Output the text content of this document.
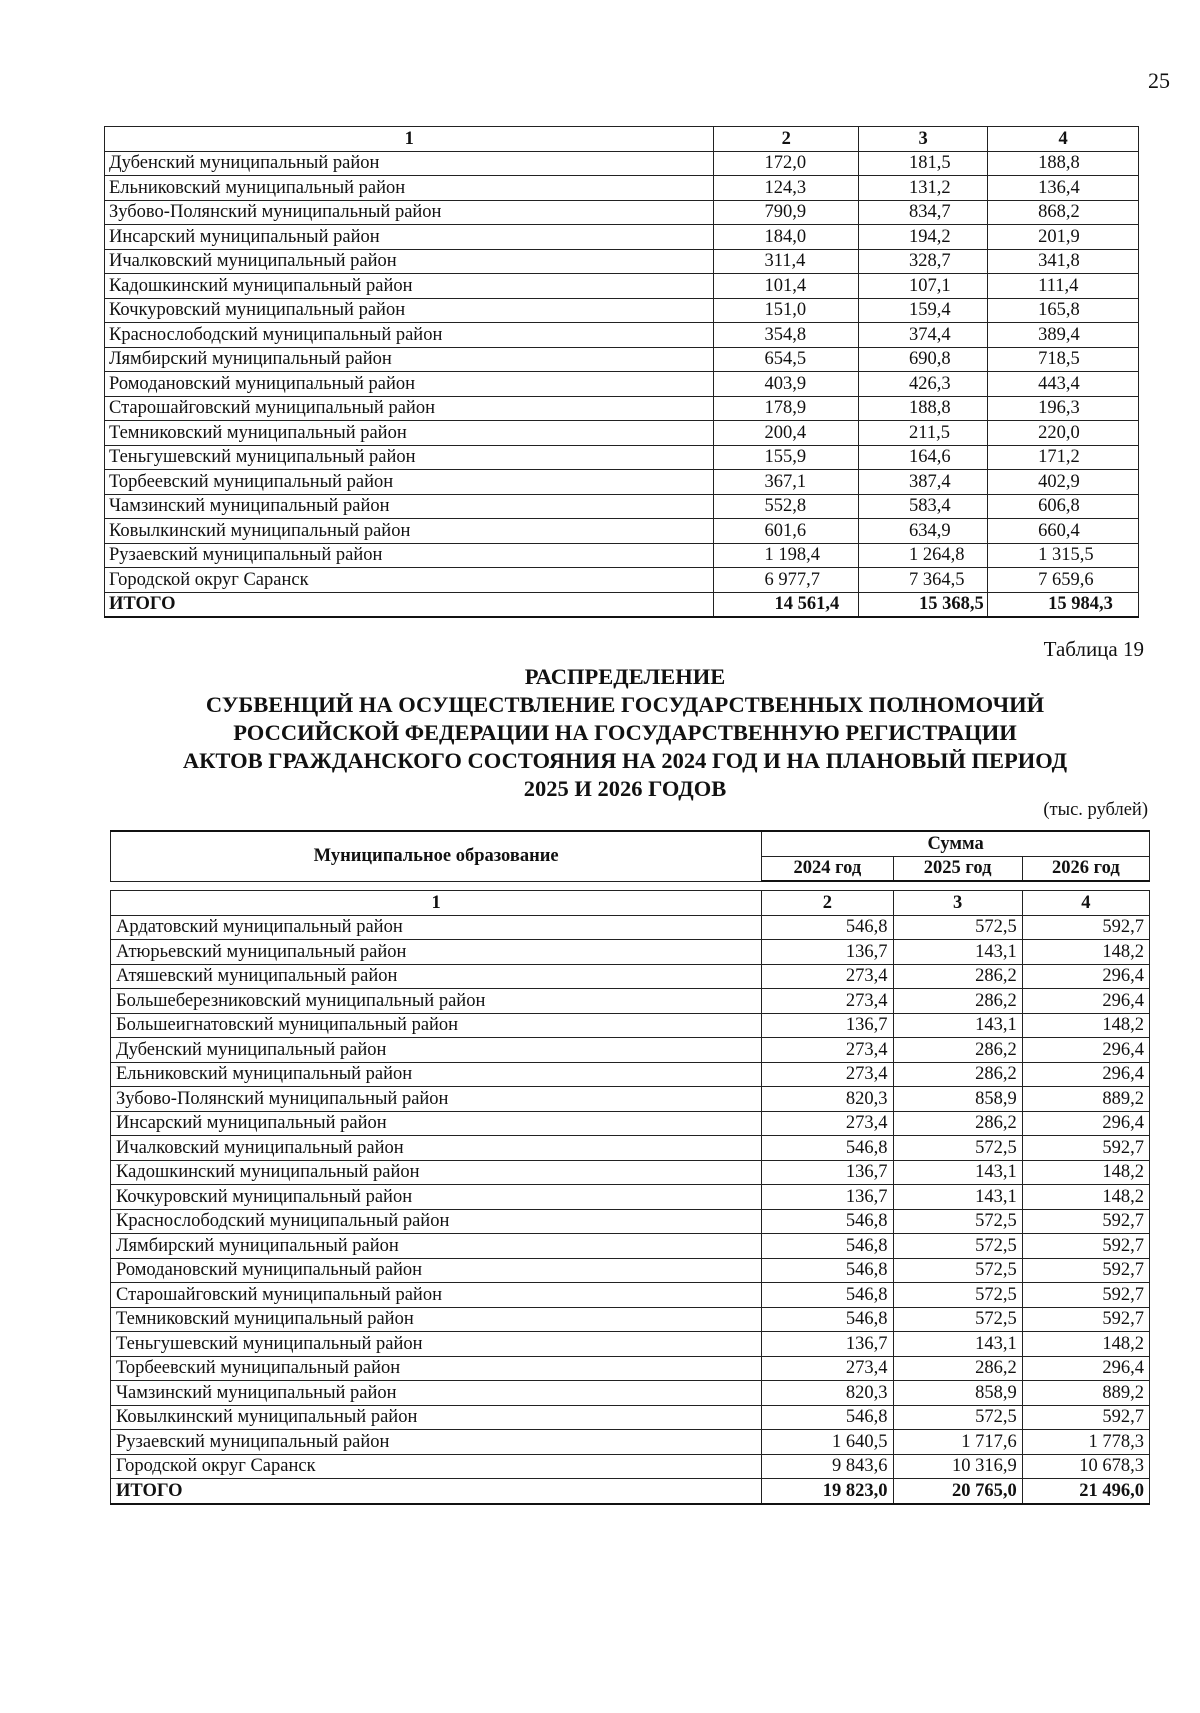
25
1	2	3	4
Дубенский муниципальный район	172,0	181,5	188,8
Ельниковский муниципальный район	124,3	131,2	136,4
Зубово-Полянский муниципальный район	790,9	834,7	868,2
Инсарский муниципальный район	184,0	194,2	201,9
Ичалковский муниципальный район	311,4	328,7	341,8
Кадошкинский муниципальный район	101,4	107,1	111,4
Кочкуровский муниципальный район	151,0	159,4	165,8
Краснослободский муниципальный район	354,8	374,4	389,4
Лямбирский муниципальный район	654,5	690,8	718,5
Ромодановский муниципальный район	403,9	426,3	443,4
Старошайговский муниципальный район	178,9	188,8	196,3
Темниковский муниципальный район	200,4	211,5	220,0
Теньгушевский муниципальный район	155,9	164,6	171,2
Торбеевский муниципальный район	367,1	387,4	402,9
Чамзинский муниципальный район	552,8	583,4	606,8
Ковылкинский муниципальный район	601,6	634,9	660,4
Рузаевский муниципальный район	1 198,4	1 264,8	1 315,5
Городской округ Саранск	6 977,7	7 364,5	7 659,6
ИТОГО	14 561,4	15 368,5	15 984,3
Таблица 19
РАСПРЕДЕЛЕНИЕ
СУБВЕНЦИЙ НА ОСУЩЕСТВЛЕНИЕ ГОСУДАРСТВЕННЫХ ПОЛНОМОЧИЙ
РОССИЙСКОЙ ФЕДЕРАЦИИ НА ГОСУДАРСТВЕННУЮ РЕГИСТРАЦИИ
АКТОВ ГРАЖДАНСКОГО СОСТОЯНИЯ НА 2024 ГОД И НА ПЛАНОВЫЙ ПЕРИОД
2025 И 2026 ГОДОВ
(тыс. рублей)
Муниципальное образование	Сумма		
	2024 год	2025 год	2026 год

1	2	3	4
Ардатовский муниципальный район	546,8	572,5	592,7
Атюрьевский муниципальный район	136,7	143,1	148,2
Атяшевский муниципальный район	273,4	286,2	296,4
Большеберезниковский муниципальный район	273,4	286,2	296,4
Большеигнатовский муниципальный район	136,7	143,1	148,2
Дубенский муниципальный район	273,4	286,2	296,4
Ельниковский муниципальный район	273,4	286,2	296,4
Зубово-Полянский муниципальный район	820,3	858,9	889,2
Инсарский муниципальный район	273,4	286,2	296,4
Ичалковский муниципальный район	546,8	572,5	592,7
Кадошкинский муниципальный район	136,7	143,1	148,2
Кочкуровский муниципальный район	136,7	143,1	148,2
Краснослободский муниципальный район	546,8	572,5	592,7
Лямбирский муниципальный район	546,8	572,5	592,7
Ромодановский муниципальный район	546,8	572,5	592,7
Старошайговский муниципальный район	546,8	572,5	592,7
Темниковский муниципальный район	546,8	572,5	592,7
Теньгушевский муниципальный район	136,7	143,1	148,2
Торбеевский муниципальный район	273,4	286,2	296,4
Чамзинский муниципальный район	820,3	858,9	889,2
Ковылкинский муниципальный район	546,8	572,5	592,7
Рузаевский муниципальный район	1 640,5	1 717,6	1 778,3
Городской округ Саранск	9 843,6	10 316,9	10 678,3
ИТОГО	19 823,0	20 765,0	21 496,0
